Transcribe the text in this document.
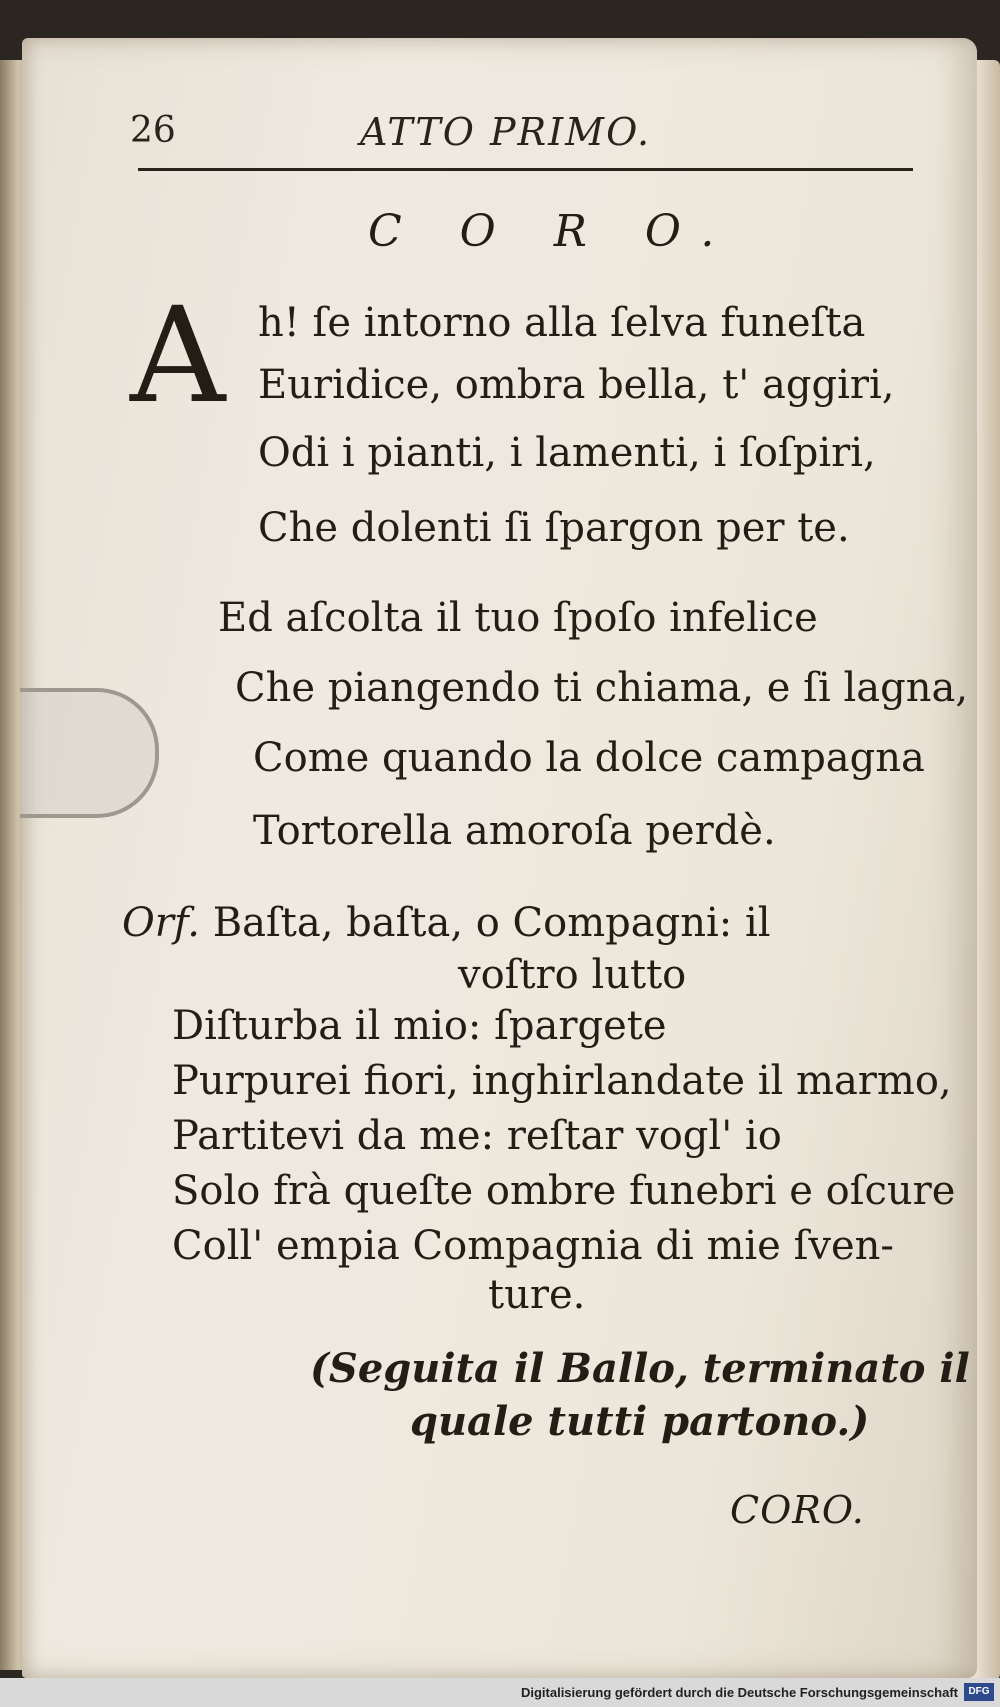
26	ATTO PRIMO.
C O R O.
A h! ſe intorno alla ſelva funeſta
Euridice, ombra bella, t' aggiri,
Odi i pianti, i lamenti, i ſoſpiri,
Che dolenti ſi ſpargon per te.
Ed aſcolta il tuo ſpoſo infelice
Che piangendo ti chiama, e ſi lagna,
Come quando la dolce campagna
Tortorella amoroſa perdè.
Orf. Baſta, baſta, o Compagni: il
voſtro lutto
Diſturba il mio: ſpargete
Purpurei fiori, inghirlandate il marmo,
Partitevi da me: reſtar vogl' io
Solo frà queſte ombre funebri e oſcure
Coll' empia Compagnia di mie ſven-
ture.
(Seguita il Ballo, terminato il
quale tutti partono.)
CORO.
Digitalisierung gefördert durch die Deutsche Forschungsgemeinschaft	DFG
